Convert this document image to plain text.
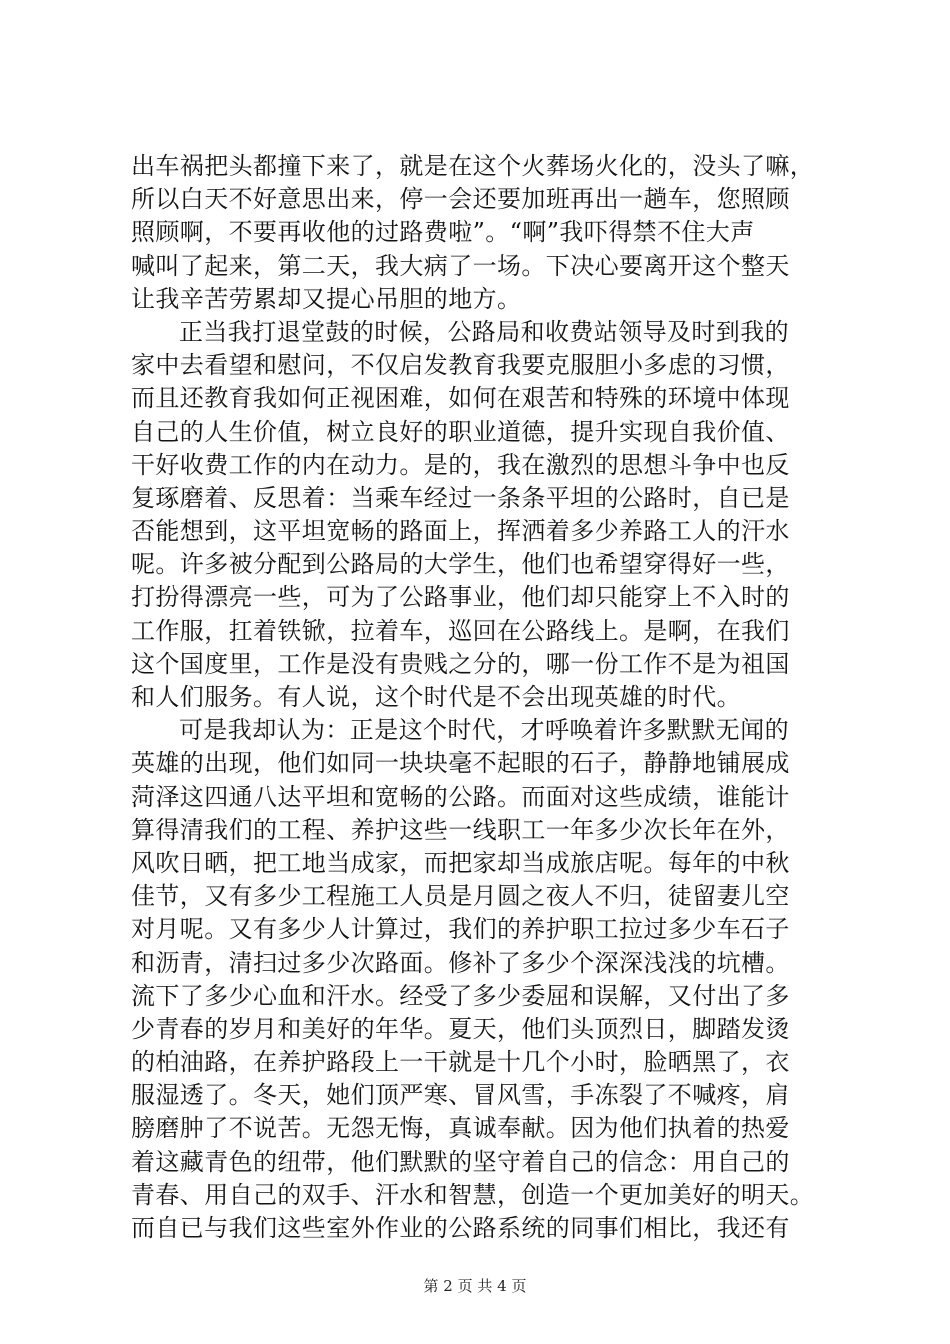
出车祸把头都撞下来了，就是在这个火葬场火化的，没头了嘛，
所以白天不好意思出来，停一会还要加班再出一趟车，您照顾
照顾啊，不要再收他的过路费啦”。“啊”我吓得禁不住大声
喊叫了起来，第二天，我大病了一场。下决心要离开这个整天
让我辛苦劳累却又提心吊胆的地方。
正当我打退堂鼓的时候，公路局和收费站领导及时到我的
家中去看望和慰问，不仅启发教育我要克服胆小多虑的习惯，
而且还教育我如何正视困难，如何在艰苦和特殊的环境中体现
自己的人生价值，树立良好的职业道德，提升实现自我价值、
干好收费工作的内在动力。是的，我在激烈的思想斗争中也反
复琢磨着、反思着：当乘车经过一条条平坦的公路时，自已是
否能想到，这平坦宽畅的路面上，挥洒着多少养路工人的汗水
呢。许多被分配到公路局的大学生，他们也希望穿得好一些，
打扮得漂亮一些，可为了公路事业，他们却只能穿上不入时的
工作服，扛着铁锨，拉着车，巡回在公路线上。是啊，在我们
这个国度里，工作是没有贵贱之分的，哪一份工作不是为祖国
和人们服务。有人说，这个时代是不会出现英雄的时代。
可是我却认为：正是这个时代，才呼唤着许多默默无闻的
英雄的出现，他们如同一块块毫不起眼的石子，静静地铺展成
菏泽这四通八达平坦和宽畅的公路。而面对这些成绩，谁能计
算得清我们的工程、养护这些一线职工一年多少次长年在外，
风吹日晒，把工地当成家，而把家却当成旅店呢。每年的中秋
佳节，又有多少工程施工人员是月圆之夜人不归，徒留妻儿空
对月呢。又有多少人计算过，我们的养护职工拉过多少车石子
和沥青，清扫过多少次路面。修补了多少个深深浅浅的坑槽。
流下了多少心血和汗水。经受了多少委屈和误解，又付出了多
少青春的岁月和美好的年华。夏天，他们头顶烈日，脚踏发烫
的柏油路，在养护路段上一干就是十几个小时，脸晒黑了，衣
服湿透了。冬天，她们顶严寒、冒风雪，手冻裂了不喊疼，肩
膀磨肿了不说苦。无怨无悔，真诚奉献。因为他们执着的热爱
着这藏青色的纽带，他们默默的坚守着自己的信念：用自己的
青春、用自己的双手、汗水和智慧，创造一个更加美好的明天。
而自已与我们这些室外作业的公路系统的同事们相比，我还有
第 2 页 共 4 页
